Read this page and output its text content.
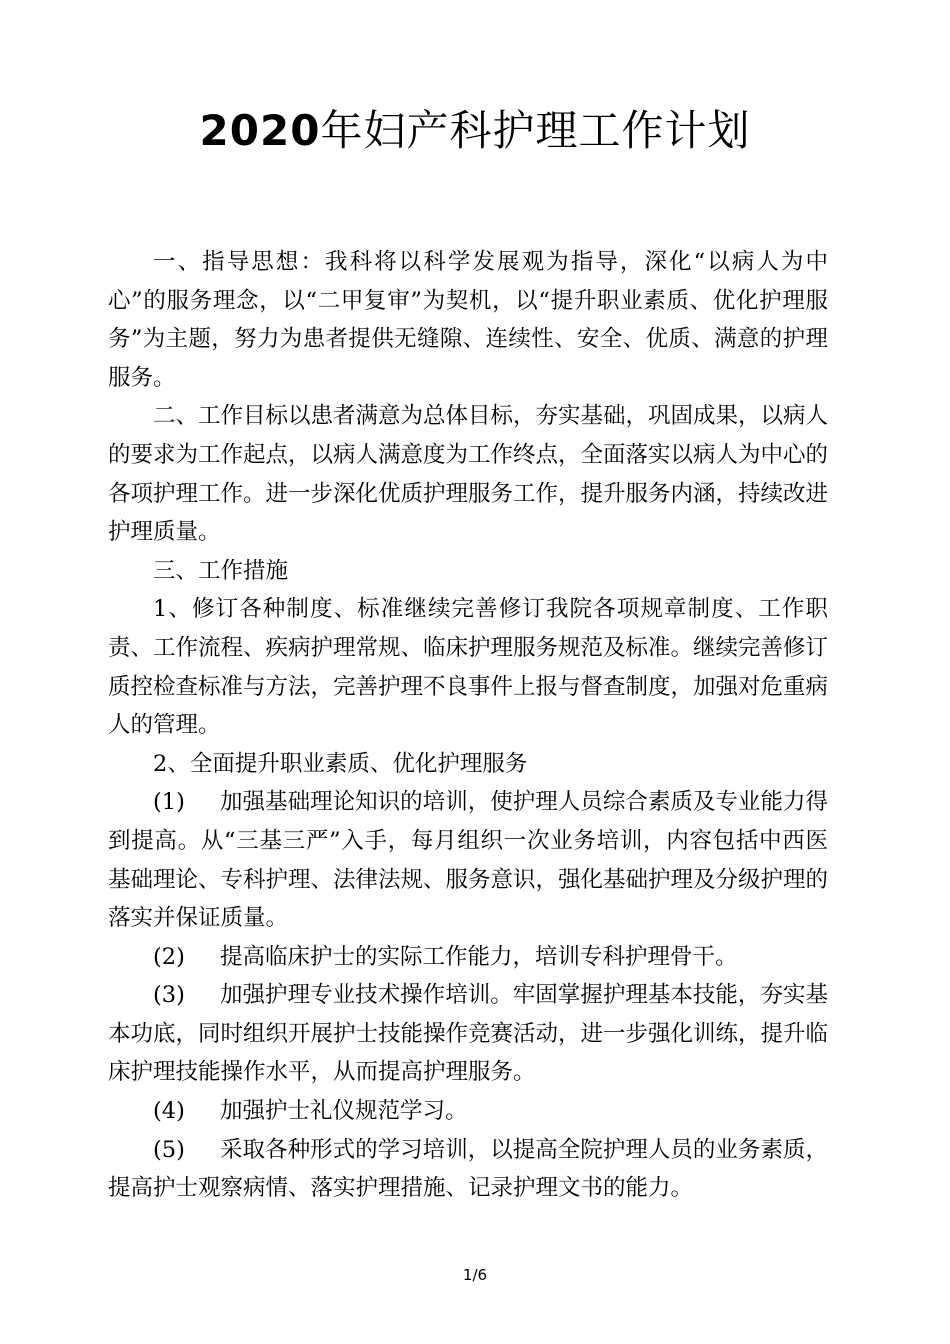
2020年妇产科护理工作计划

一、指导思想：我科将以科学发展观为指导，深化“以病人为中心”的服务理念，以“二甲复审”为契机，以“提升职业素质、优化护理服务”为主题，努力为患者提供无缝隙、连续性、安全、优质、满意的护理服务。

二、工作目标以患者满意为总体目标，夯实基础，巩固成果，以病人的要求为工作起点，以病人满意度为工作终点，全面落实以病人为中心的各项护理工作。进一步深化优质护理服务工作，提升服务内涵，持续改进护理质量。

三、工作措施

1、修订各种制度、标准继续完善修订我院各项规章制度、工作职责、工作流程、疾病护理常规、临床护理服务规范及标准。继续完善修订质控检查标准与方法，完善护理不良事件上报与督查制度，加强对危重病人的管理。

2、全面提升职业素质、优化护理服务

(1) 加强基础理论知识的培训，使护理人员综合素质及专业能力得到提高。从“三基三严”入手，每月组织一次业务培训，内容包括中西医基础理论、专科护理、法律法规、服务意识，强化基础护理及分级护理的落实并保证质量。

(2) 提高临床护士的实际工作能力，培训专科护理骨干。

(3) 加强护理专业技术操作培训。牢固掌握护理基本技能，夯实基本功底，同时组织开展护士技能操作竞赛活动，进一步强化训练，提升临床护理技能操作水平，从而提高护理服务。

(4) 加强护士礼仪规范学习。

(5) 采取各种形式的学习培训，以提高全院护理人员的业务素质，提高护士观察病情、落实护理措施、记录护理文书的能力。

1/6
